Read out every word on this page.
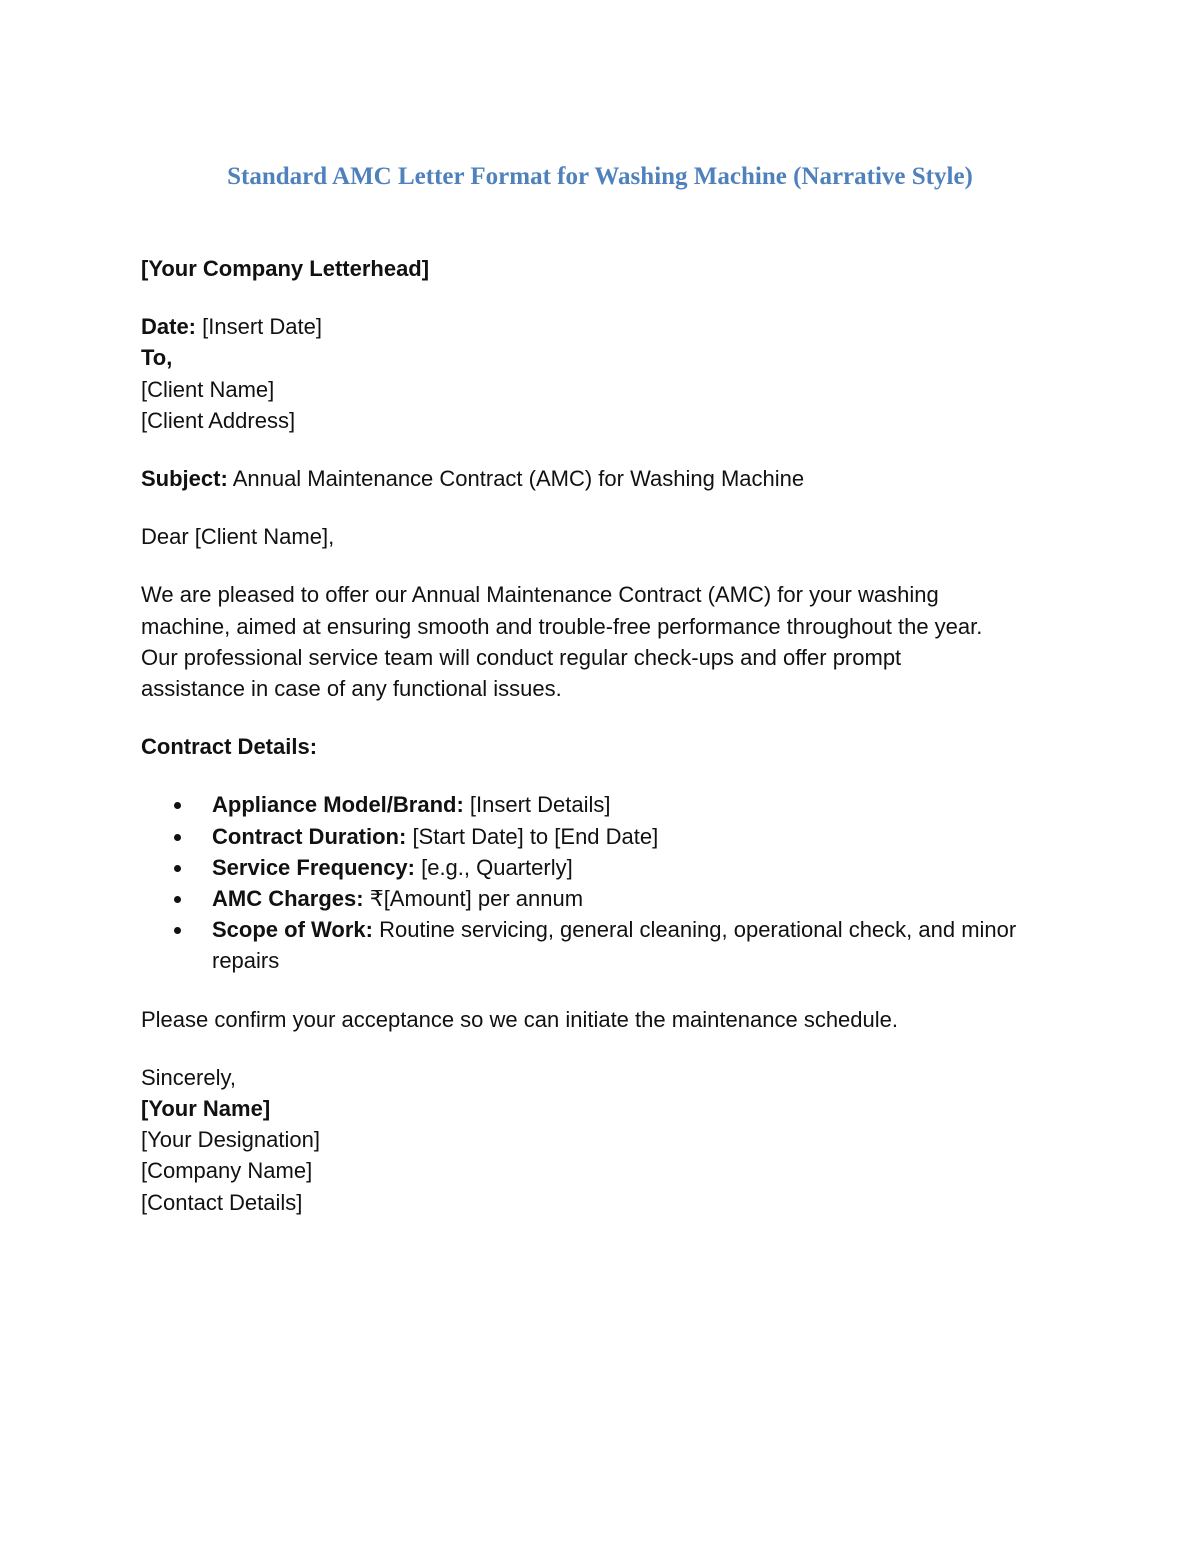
Standard AMC Letter Format for Washing Machine (Narrative Style)
[Your Company Letterhead]
Date: [Insert Date]
To,
[Client Name]
[Client Address]
Subject: Annual Maintenance Contract (AMC) for Washing Machine
Dear [Client Name],
We are pleased to offer our Annual Maintenance Contract (AMC) for your washing
machine, aimed at ensuring smooth and trouble-free performance throughout the year.
Our professional service team will conduct regular check-ups and offer prompt
assistance in case of any functional issues.
Contract Details:
Appliance Model/Brand: [Insert Details]
Contract Duration: [Start Date] to [End Date]
Service Frequency: [e.g., Quarterly]
AMC Charges: ₹[Amount] per annum
Scope of Work: Routine servicing, general cleaning, operational check, and minor repairs
Please confirm your acceptance so we can initiate the maintenance schedule.
Sincerely,
[Your Name]
[Your Designation]
[Company Name]
[Contact Details]
